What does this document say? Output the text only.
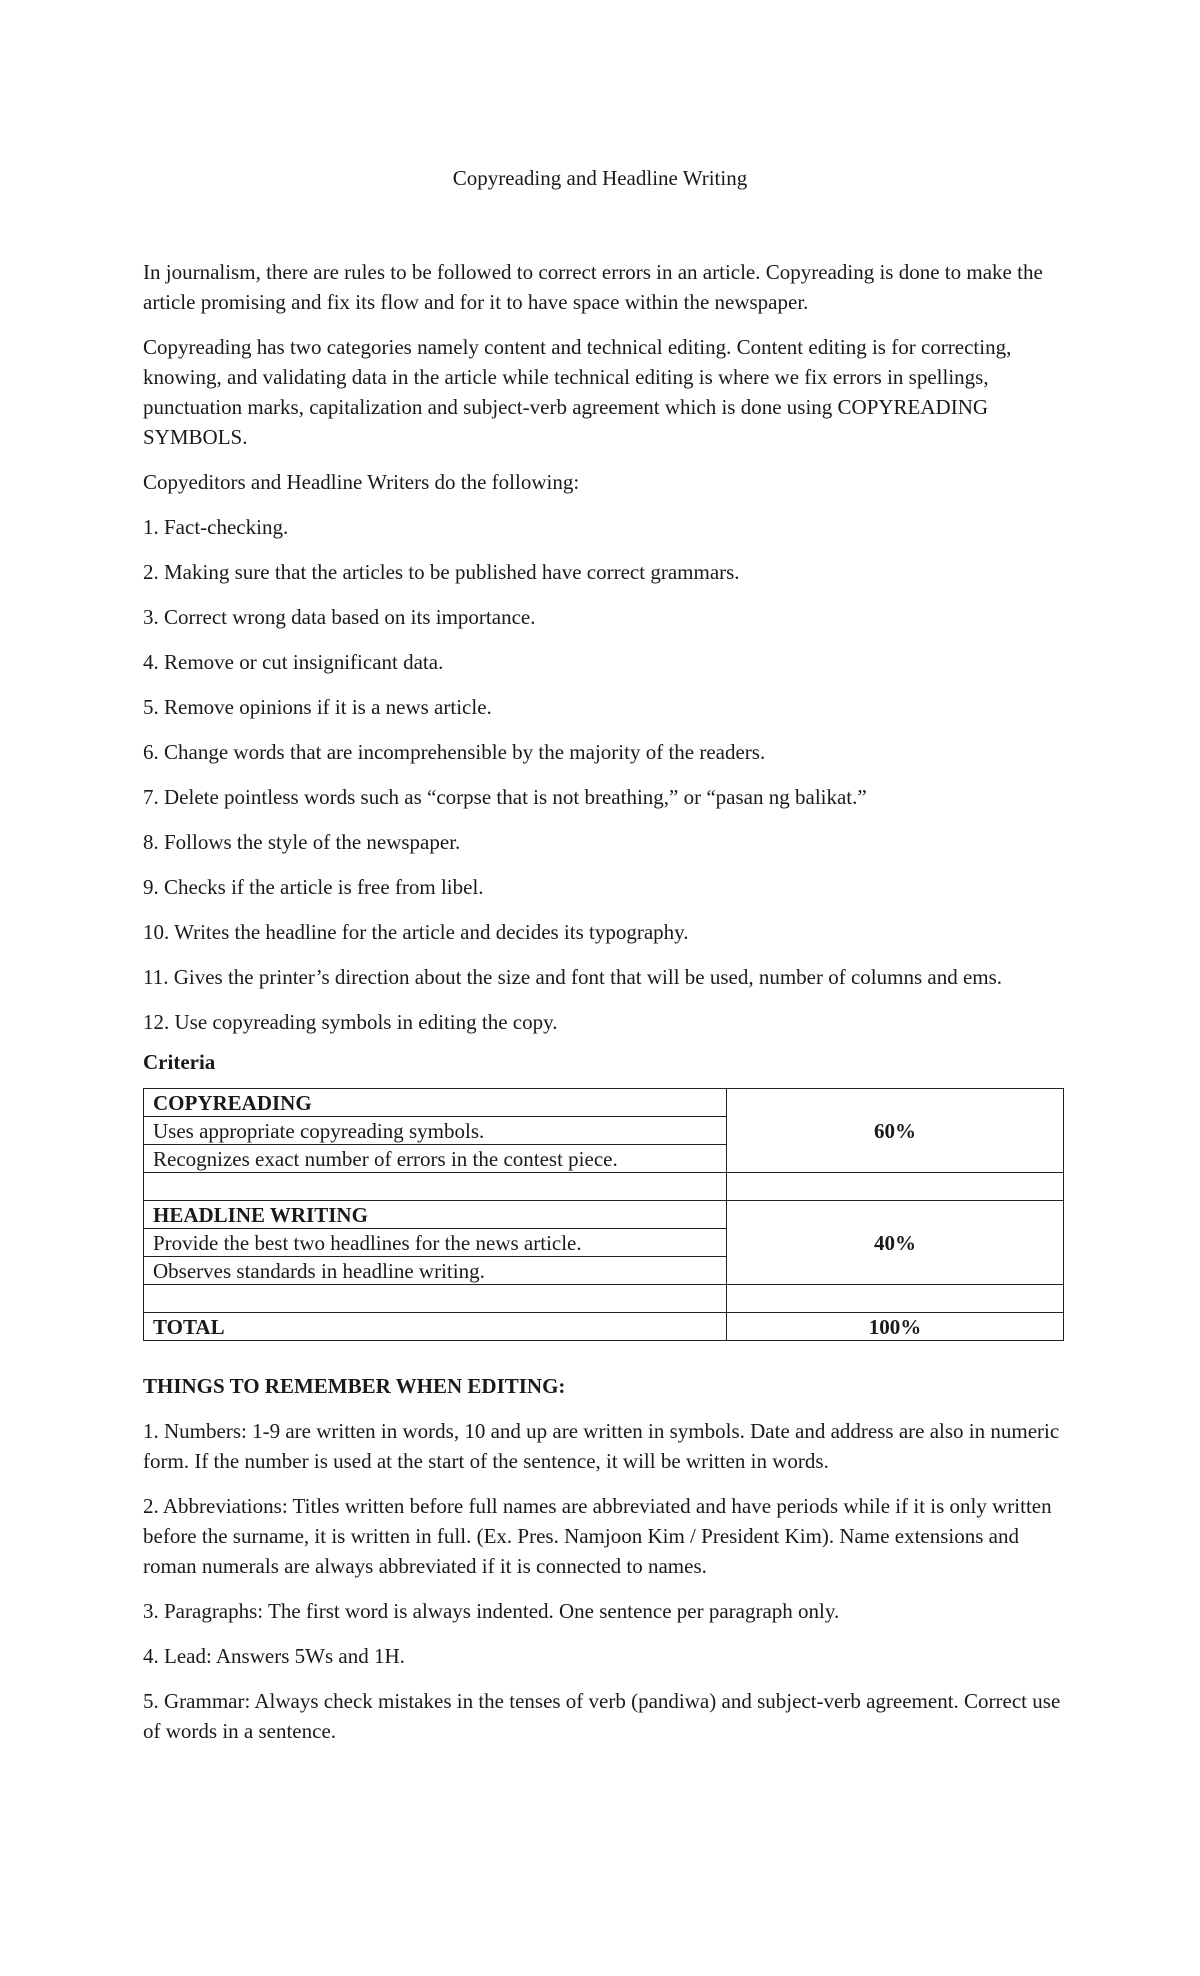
Copyreading and Headline Writing

In journalism, there are rules to be followed to correct errors in an article. Copyreading is done to make the article promising and fix its flow and for it to have space within the newspaper.

Copyreading has two categories namely content and technical editing. Content editing is for correcting, knowing, and validating data in the article while technical editing is where we fix errors in spellings, punctuation marks, capitalization and subject-verb agreement which is done using COPYREADING SYMBOLS.

Copyeditors and Headline Writers do the following:

1. Fact-checking.

2. Making sure that the articles to be published have correct grammars.

3. Correct wrong data based on its importance.

4. Remove or cut insignificant data.

5. Remove opinions if it is a news article.

6. Change words that are incomprehensible by the majority of the readers.

7. Delete pointless words such as “corpse that is not breathing,” or “pasan ng balikat.”

8. Follows the style of the newspaper.

9. Checks if the article is free from libel.

10. Writes the headline for the article and decides its typography.

11. Gives the printer’s direction about the size and font that will be used, number of columns and ems.

12. Use copyreading symbols in editing the copy.

Criteria

COPYREADING	60%
Uses appropriate copyreading symbols.	
Recognizes exact number of errors in the contest piece.	

HEADLINE WRITING	40%
Provide the best two headlines for the news article.	
Observes standards in headline writing.	

TOTAL	100%

THINGS TO REMEMBER WHEN EDITING:

1. Numbers: 1-9 are written in words, 10 and up are written in symbols. Date and address are also in numeric form. If the number is used at the start of the sentence, it will be written in words.

2. Abbreviations: Titles written before full names are abbreviated and have periods while if it is only written before the surname, it is written in full. (Ex. Pres. Namjoon Kim / President Kim). Name extensions and roman numerals are always abbreviated if it is connected to names.

3. Paragraphs: The first word is always indented. One sentence per paragraph only.

4. Lead: Answers 5Ws and 1H.

5. Grammar: Always check mistakes in the tenses of verb (pandiwa) and subject-verb agreement. Correct use of words in a sentence.
